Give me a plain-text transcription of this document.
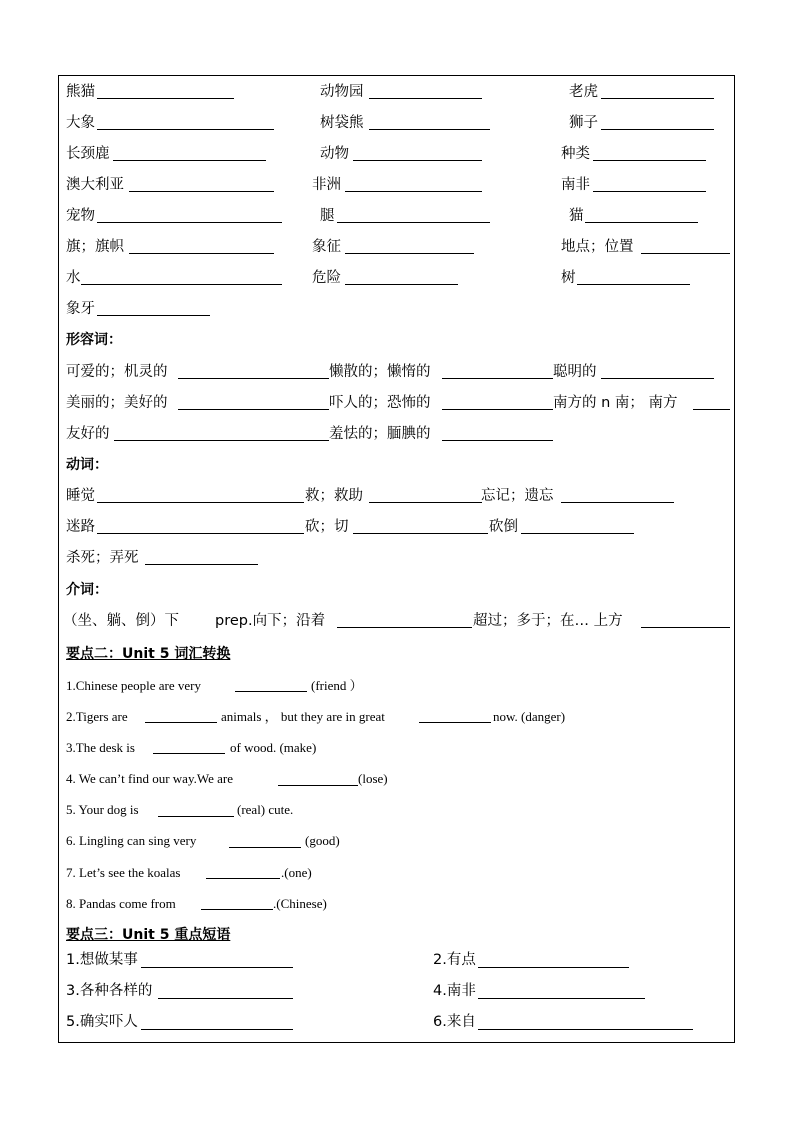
熊猫	动物园	老虎
大象	树袋熊	狮子
长颈鹿	动物	种类
澳大利亚	非洲	南非
宠物	腿	猫
旗；旗帜	象征	地点；位置
水	危险	树
象牙
形容词：
可爱的；机灵的	懒散的；懒惰的	聪明的
美丽的；美好的	吓人的；恐怖的	南方的 n 南； 南方
友好的	羞怯的；腼腆的
动词：
睡觉	救；救助	忘记；遗忘
迷路	砍；切	砍倒
杀死；弄死
介词：
（坐、躺、倒）下 prep.向下；沿着	超过；多于；在… 上方
要点二：Unit 5 词汇转换
1.Chinese people are very	(friend ）
2.Tigers are	animals ， but they are in great	now. (danger)
3.The desk is	of wood. (make)
4. We can’t find our way.We are	(lose)
5. Your dog is	(real) cute.
6. Lingling can sing very	(good)
7. Let’s see the koalas	.(one)
8. Pandas come from	.(Chinese)
要点三：Unit 5 重点短语
1.想做某事	2.有点
3.各种各样的	4.南非
5.确实吓人	6.来自
